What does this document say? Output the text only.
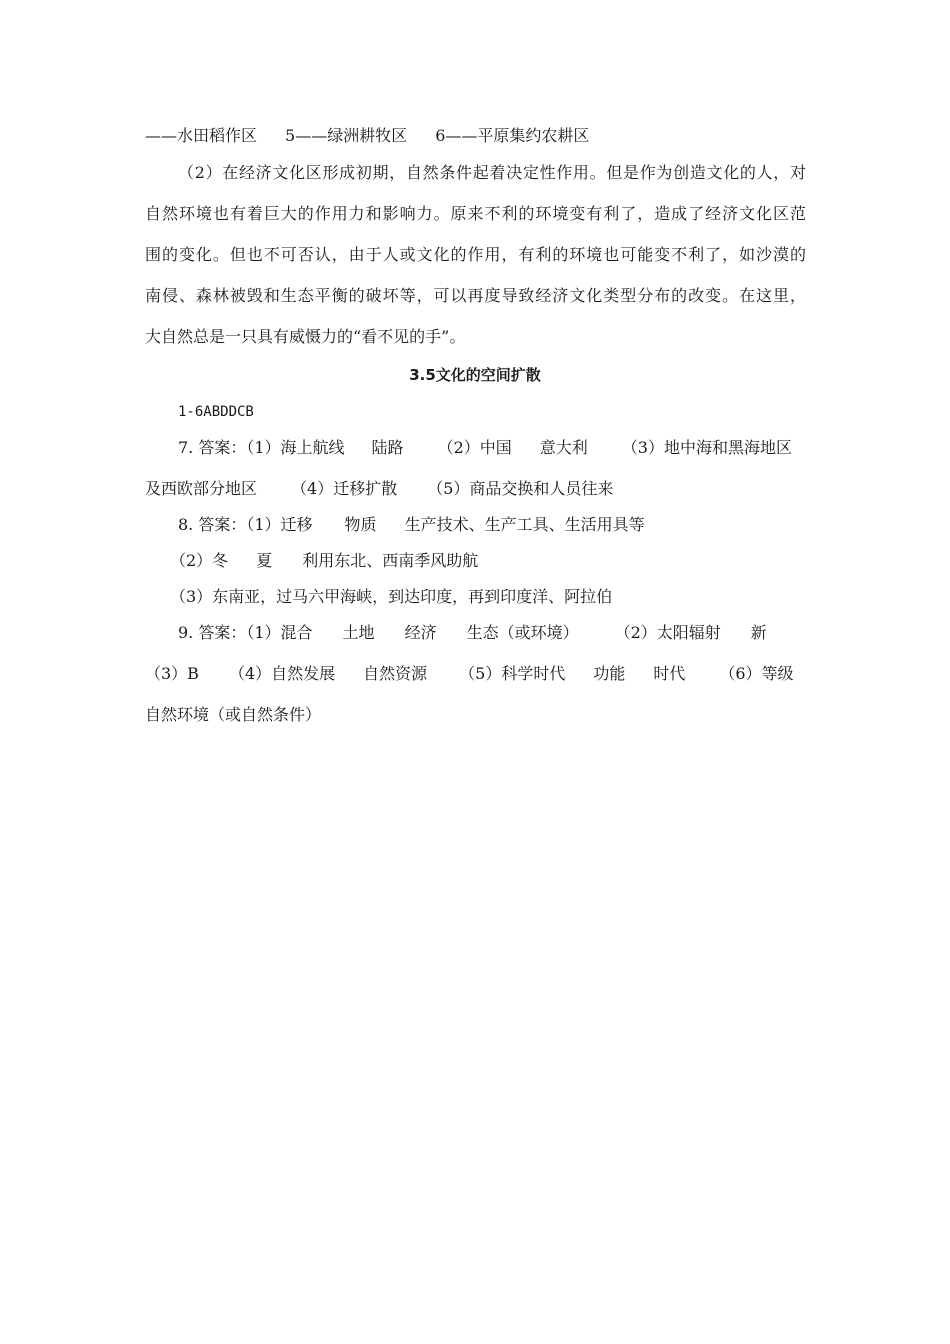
——水田稻作区 5——绿洲耕牧区 6——平原集约农耕区
（2）在经济文化区形成初期，自然条件起着决定性作用。但是作为创造文化的人，对
自然环境也有着巨大的作用力和影响力。原来不利的环境变有利了，造成了经济文化区范
围的变化。但也不可否认，由于人或文化的作用，有利的环境也可能变不利了，如沙漠的
南侵、森林被毁和生态平衡的破坏等，可以再度导致经济文化类型分布的改变。在这里，
大自然总是一只具有威慑力的“看不见的手”。
3.5文化的空间扩散
1-6ABDDCB
7. 答案：（1）海上航线 陆路 （2）中国 意大利 （3）地中海和黑海地区
及西欧部分地区 （4）迁移扩散 （5）商品交换和人员往来
8. 答案：（1）迁移 物质 生产技术、生产工具、生活用具等
（2）冬 夏 利用东北、西南季风助航
（3）东南亚，过马六甲海峡，到达印度，再到印度洋、阿拉伯
9. 答案：（1）混合 土地 经济 生态（或环境） （2）太阳辐射 新
（3）B （4）自然发展 自然资源 （5）科学时代 功能 时代 （6）等级
自然环境（或自然条件）
